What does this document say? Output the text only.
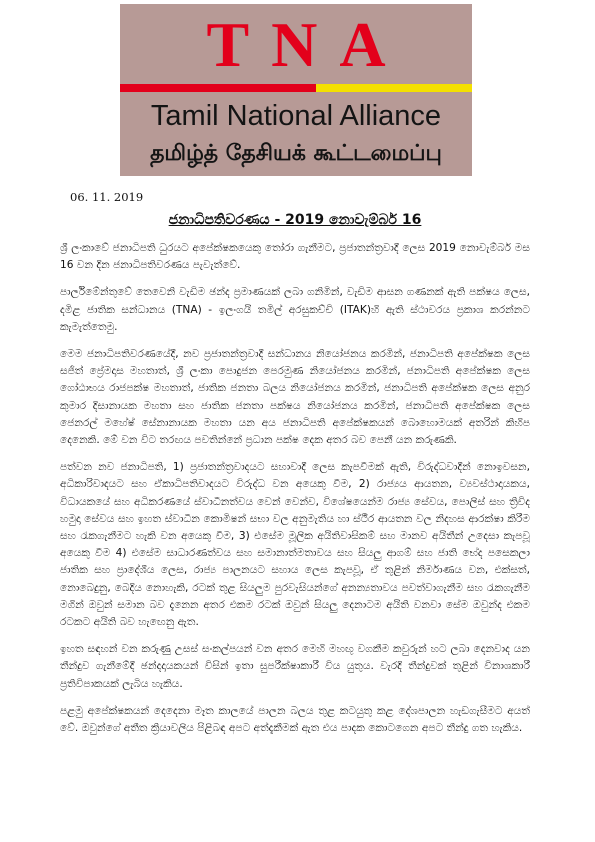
TNA
Tamil National Alliance
தமிழ்த் தேசியக் கூட்டமைப்பு
06. 11. 2019
ජනාධිපතිවරණය - 2019 නොවැම්බර් 16

ශ්‍රී ලංකාවේ ජනාධිපති ධුරයට අපේක්ෂකයෙකු තෝරා ගැනීමට, ප්‍රජාතන්ත්‍රවාදී ලෙස 2019 නොවැම්බර් මස 16 වන දින ජනාධිපතිවරණය පැවැත්වේ.

පාර්ලිමේන්තුවේ තෙවෙනි වැඩිම ඡන්ද ප්‍රමාණයක් ලබා ගනිමින්, වැඩිම ආසන ගණනක් ඇති පක්ෂය ලෙස, දමිළ ජාතික සන්ධානය (TNA) - ඉලංගයි තමිල් අරසුකච්චි (ITAK)හි ඇති ස්ථාවරය ප්‍රකාශ කරන්නට කැමැත්තෙමු.

මෙම ජනාධිපතිවරණයේදී, නව ප්‍රජාතන්ත්‍රවාදී සන්ධානය නියෝජනය කරමින්, ජනාධිපති අපේක්ෂක ලෙස සජිත් ප්‍රේමදාස මහතාත්, ශ්‍රී ලංකා පොදුජන පෙරමුණ නියෝජනය කරමින්, ජනාධිපති අපේක්ෂක ලෙස ගෝඨාභය රාජපක්ෂ මහතාත්, ජාතික ජනතා බලය නියෝජනය කරමින්, ජනාධිපති අපේක්ෂක ලෙස අනුර කුමාර දිසානායක මහතා සහ ජාතික ජනතා පක්ෂය නියෝජනය කරමින්, ජනාධිපති අපේක්ෂක ලෙස ජෙනරල් මහේෂ් සේනානායක මහතා යන අය ජනාධිපති අපේක්ෂකයන් බොහොමයක් අතරින් කිහිප දෙනෙකි. මේ වන විට තරඟය පවතින්නේ ප්‍රධාන පක්ෂ දෙක අතර බව පෙනී යන කරුණකි.

පත්වන නව ජනාධිපති, 1) ප්‍රජාතන්ත්‍රවාදයට සහාවාදී ලෙස කැපවීමක් ඇති, විරුද්ධවාදීන් නොඉවසන, අධිකාරිවාදයට සහ ඒකාධිපතිවාදයට විරුද්ධ වන අයෙකු වීම, 2) රාජ්‍යය ආයතන, ව්‍යවස්ථාදායකය, විධායකයේ සහ අධිකරණයේ ස්වාධීනත්වය වෙන් වෙන්ව, විශේෂයෙන්ම රාජ්‍ය සේවය, පොලිස් සහ ත්‍රිවිද හමුදා සේවය සහ ඉහත ස්වාධීන කොමිෂන් සභා වල අනුමැතිය හා ස්ථීර ආයතන වල නිදහස ආරක්ෂා කිරීම සහ රැකගැනීමට හැකි වන අයෙකු වීම, 3) එසේම මූලික අයිතිවාසිකම් සහ මානව අයිතීන් උදෙසා කැපවූ අයෙකු වීම 4) එසේම සාධාරණත්වය සහ සමානාත්මතාවය සහ සියලු ආගම් සහ ජාති භේද පසෙකලා ජාතික සහ ප්‍රාදේශීය ලෙස, රාජ්‍ය පාලනයට සහාය ලෙස කැපවූ, ඒ තුළින් නිර්මාණය වන, එක්සත්, නොබෙදුනු, බෙදිය නොහැකි, රටක් තුළ සියලුම පුරවැසියන්ගේ අනන්‍යතාවය පවත්වාගැනීම සහ රැකගැනීම මගින් ඔවුන් සමාන බව දැනෙන අතර එකම රටක් ඔවුන් සියලු දෙනාටම අයිති වනවා සේම ඔවුන්ද එකම රටකට අයිති බව හැඟෙනු ඇත.

ඉහත සඳහන් වන කරුණු උසස් සංකල්පයන් වන අතර මෙහි මහඟු වගකීම කවුරුන් හට ලබා දෙනවාද යන තීන්දුව ගැනීමේදී ඡන්දදායකයන් විසින් ඉතා සුපරීක්ෂාකාරී විය යුතුය. වැරදි තීන්දුවක් තුළින් විනාශකාරී ප්‍රතිවිපාකයක් ලැබිය හැකිය.

පළමු අපේක්ෂකයන් දෙදෙනා මෑත කාලයේ පාලන බලය තුළ කටයුතු කළ දේශපාලන හැඩගැසීමට අයත් වේ. ඔවුන්ගේ අතීත ක්‍රියාවලිය පිළිබඳ අපට අත්දැකීමක් ඇත එය පාදක කොටගෙන අපට තීන්දු ගත හැකිය.
